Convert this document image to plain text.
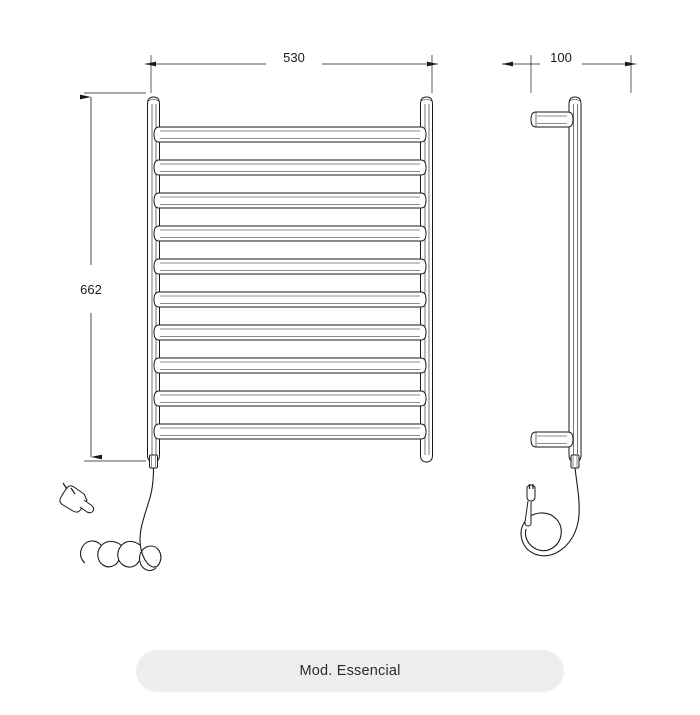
530	100
662
Mod. Essencial
